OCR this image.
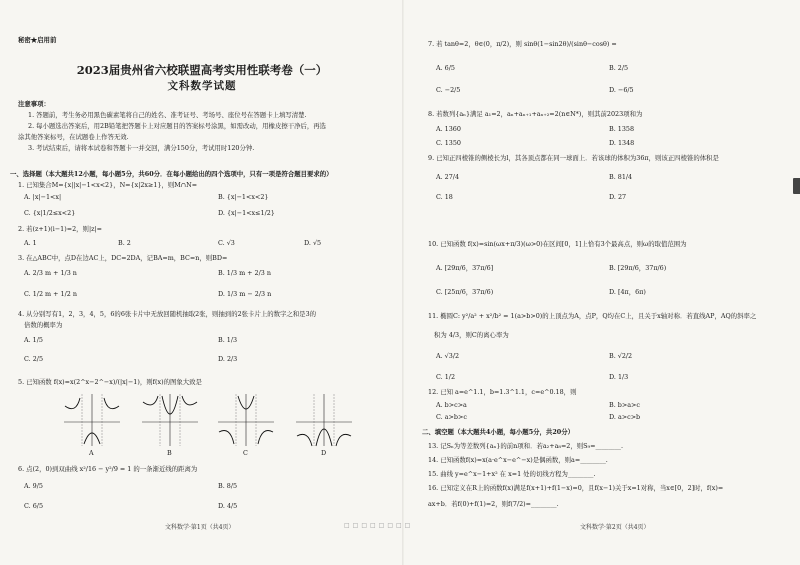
秘密★启用前
2023届贵州省六校联盟高考实用性联考卷（一）
文科数学试题
注意事项：
1. 答题前，考生务必用黑色碳素笔将自己的姓名、准考证号、考场号、座位号在答题卡上填写清楚.
2. 每小题选出答案后，用2B铅笔把答题卡上对应题目的答案标号涂黑，如需改动，用橡皮擦干净后，再选
涂其他答案标号，在试题卷上作答无效.
3. 考试结束后，请将本试卷和答题卡一并交回，满分150分，考试用时120分钟.
一、选择题（本大题共12小题，每小题5分，共60分．在每小题给出的四个选项中，只有一项是符合题目要求的）
1. 已知集合M={x||x|−1<x<2}，N={x|2x≥1}，则M∩N=
A. |x|−1<x|	B. {x|−1<x<2}
C. {x|1/2≤x<2}	D. {x|−1<x≤1/2}
2. 若(z+1)(i−1)=2，则|z|=
A. 1	B. 2	C. √3	D. √5
3. 在△ABC中，点D在边AC上，DC=2DA，记BA=m，BC=n，则BD=
A. 2/3 m + 1/3 n	B. 1/3 m + 2/3 n
C. 1/2 m + 1/2 n	D. 1/3 m − 2/3 n
4. 从分别写有1，2，3，4，5，6的6张卡片中无放回随机抽取2张，则抽到的2张卡片上的数字之和是3的
倍数的概率为
A. 1/5	B. 1/3
C. 2/5	D. 2/3
5. 已知函数 f(x)=x(2^x−2^−x)/(|x|−1)，则f(x)的图象大致是
A	B	C	D
6. 点(2，0)到双曲线 x²/16 − y²/9 = 1 的一条渐近线的距离为
A. 9/5	B. 8/5
C. 6/5	D. 4/5
文科数学·第1页（共4页）
7. 若 tanθ=2，θ∈(0，π/2)，则 sinθ(1−sin2θ)/(sinθ−cosθ) =
A. 6/5	B. 2/5
C. −2/5	D. −6/5
8. 若数列{aₙ}满足 a₁=2，aₙ+aₙ₊₁+aₙ₊₂=2(n∈N*)，则其前2023项和为
A. 1360	B. 1358
C. 1350	D. 1348
9. 已知正四棱锥的侧棱长为l，其各顶点都在同一球面上．若该球的体积为36π，则该正四棱锥的体积是
A. 27/4	B. 81/4
C. 18	D. 27
10. 已知函数 f(x)=sin(ωx+π/3)(ω>0)在区间[0，1]上恰有3个最高点，则ω的取值范围为
A. [29π/6，37π/6]	B. [29π/6，37π/6)
C. [25π/6，37π/6)	D. [4π，6π)
11. 椭圆C: y²/a² + x²/b² = 1(a>b>0)的上顶点为A，点P，Q均在C上，且关于x轴对称．若直线AP，AQ的斜率之
积为 4/3，则C的离心率为
A. √3/2	B. √2/2
C. 1/2	D. 1/3
12. 已知 a=e^1.1，b=1.3^1.1，c=e^0.18，则
A. b>c>a	B. b>a>c
C. a>b>c	D. a>c>b
二、填空题（本大题共4小题，每小题5分，共20分）
13. 记Sₙ为等差数列{aₙ}的前n项和．若a₂+a₈=2，则S₉=________.
14. 已知函数f(x)=x(a·e^x−e^−x)是偶函数，则a=________.
15. 曲线 y=e^x−1+x² 在 x=1 处的切线方程为________.
16. 已知定义在R上的函数f(x)满足f(x+1)+f(1−x)=0，且f(x−1)关于x=1对称，当x∈[0，2]时，f(x)=
ax+b．若f(0)+f(1)=2，则f(7/2)=________.
文科数学·第2页（共4页）
□□□□□□□□
